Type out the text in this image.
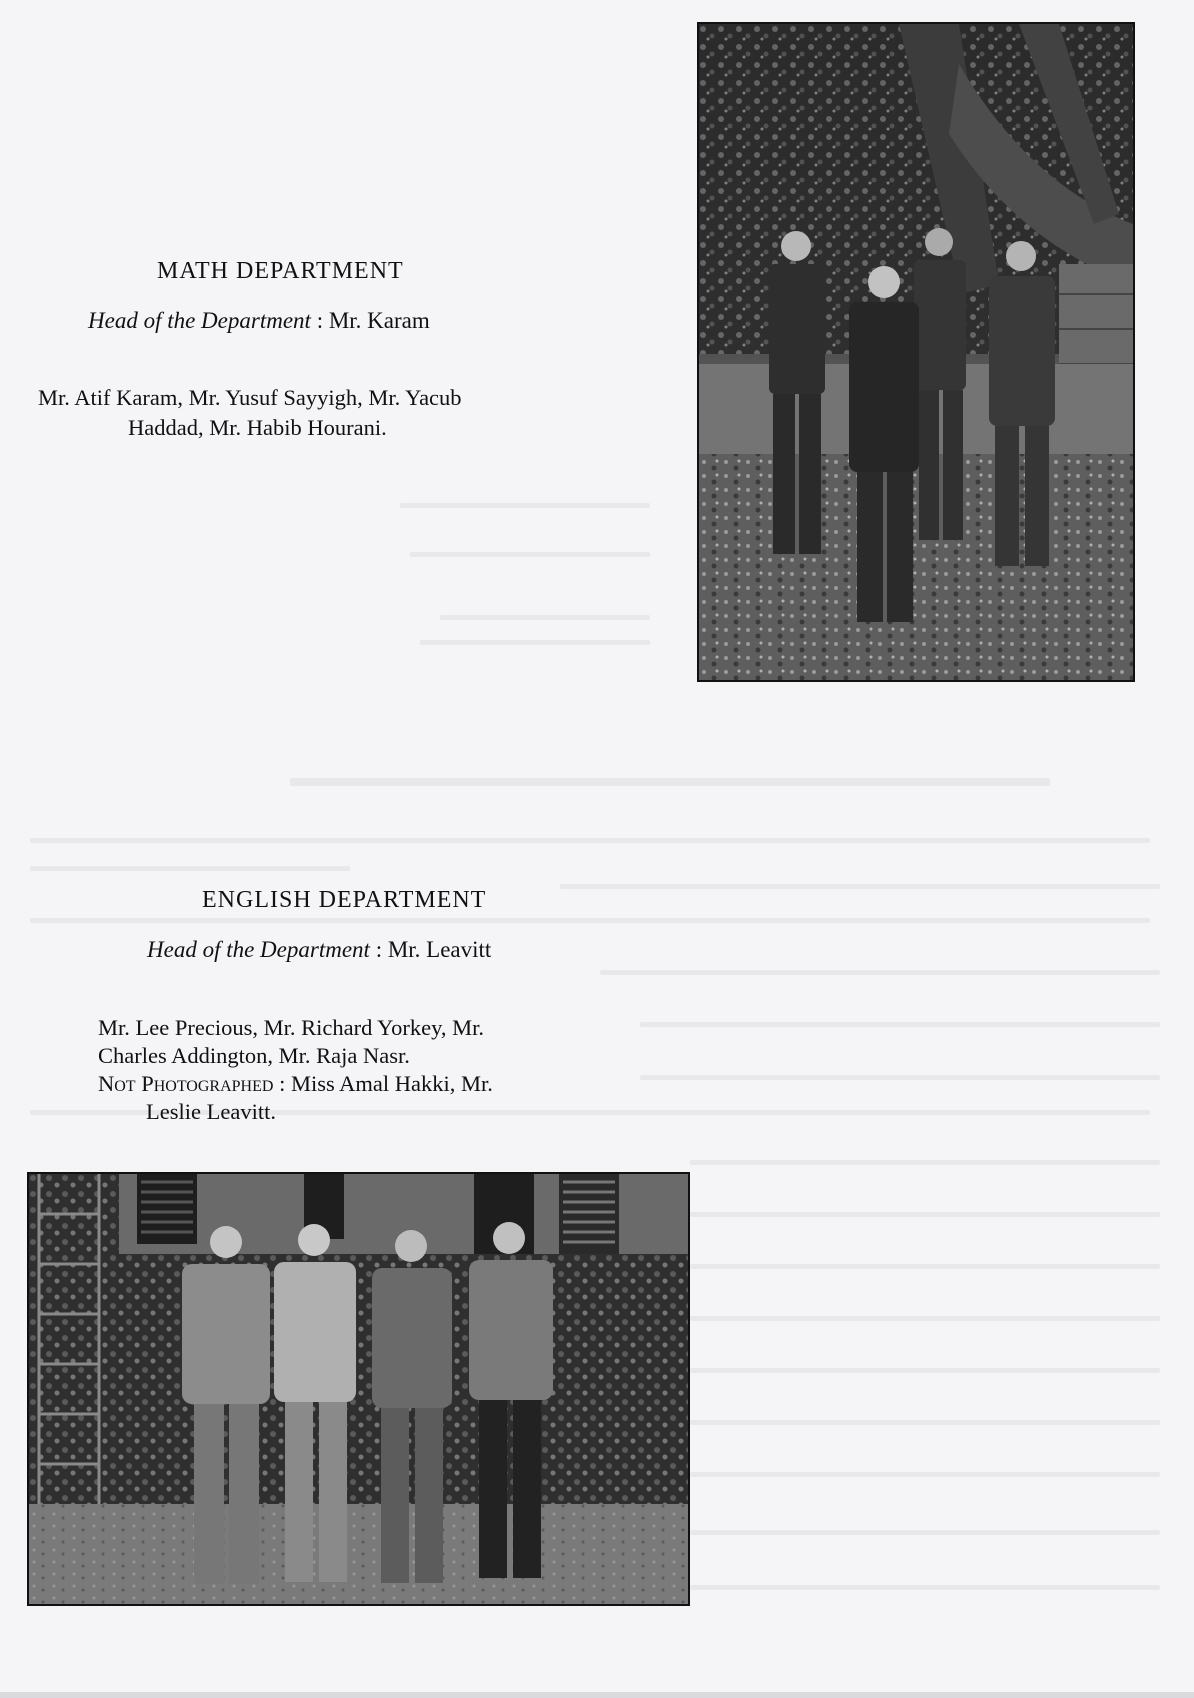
MATH DEPARTMENT
Head of the Department : Mr. Karam
Mr. Atif Karam, Mr. Yusuf Sayyigh, Mr. Yacub
Haddad, Mr. Habib Hourani.
ENGLISH DEPARTMENT
Head of the Department : Mr. Leavitt
Mr. Lee Precious, Mr. Richard Yorkey, Mr.
Charles Addington, Mr. Raja Nasr.
Not Photographed : Miss Amal Hakki, Mr.
Leslie Leavitt.
